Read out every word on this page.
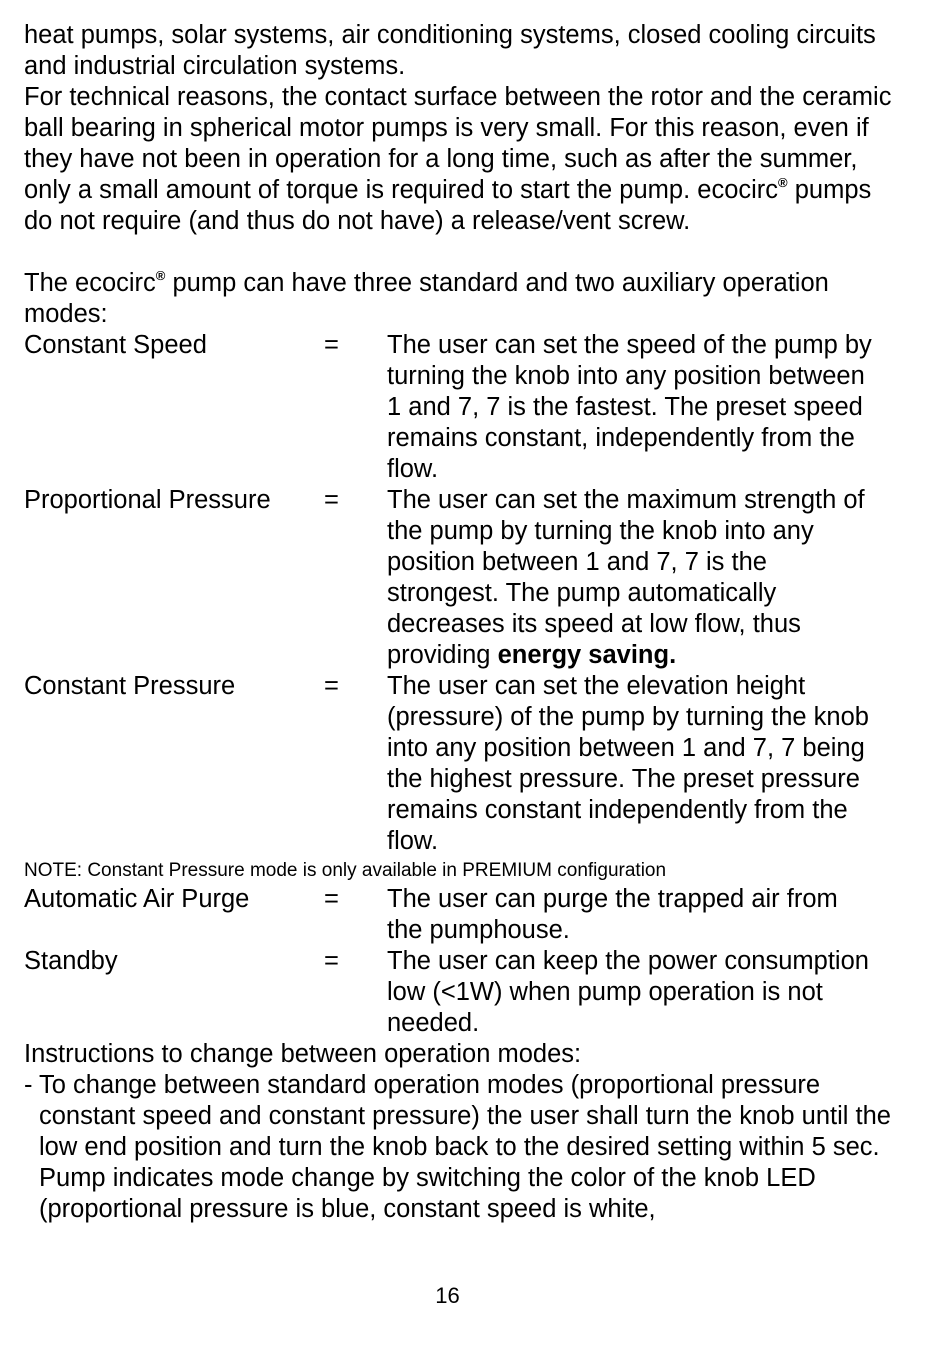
heat pumps, solar systems, air conditioning systems, closed cooling circuits and industrial circulation systems.

For technical reasons, the contact surface between the rotor and the ceramic ball bearing in spherical motor pumps is very small. For this reason, even if they have not been in operation for a long time, such as after the summer, only a small amount of torque is required to start the pump. ecocirc® pumps do not require (and thus do not have) a release/vent screw.

The ecocirc® pump can have three standard and two auxiliary operation modes:

Constant Speed	=	The user can set the speed of the pump by turning the knob into any position between 1 and 7, 7 is the fastest. The preset speed remains constant, independently from the flow.
Proportional Pressure	=	The user can set the maximum strength of the pump by turning the knob into any position between 1 and 7, 7 is the strongest. The pump automatically decreases its speed at low flow, thus providing energy saving.
Constant Pressure	=	The user can set the elevation height (pressure) of the pump by turning the knob into any position between 1 and 7, 7 being the highest pressure. The preset pressure remains constant independently from the flow.

NOTE: Constant Pressure mode is only available in PREMIUM configuration

Automatic Air Purge	=	The user can purge the trapped air from the pumphouse.
Standby	=	The user can keep the power consumption low (<1W) when pump operation is not needed.

Instructions to change between operation modes:

- To change between standard operation modes (proportional pressure constant speed and constant pressure) the user shall turn the knob until the low end position and turn the knob back to the desired setting within 5 sec. Pump indicates mode change by switching the color of the knob LED (proportional pressure is blue, constant speed is white,
16
